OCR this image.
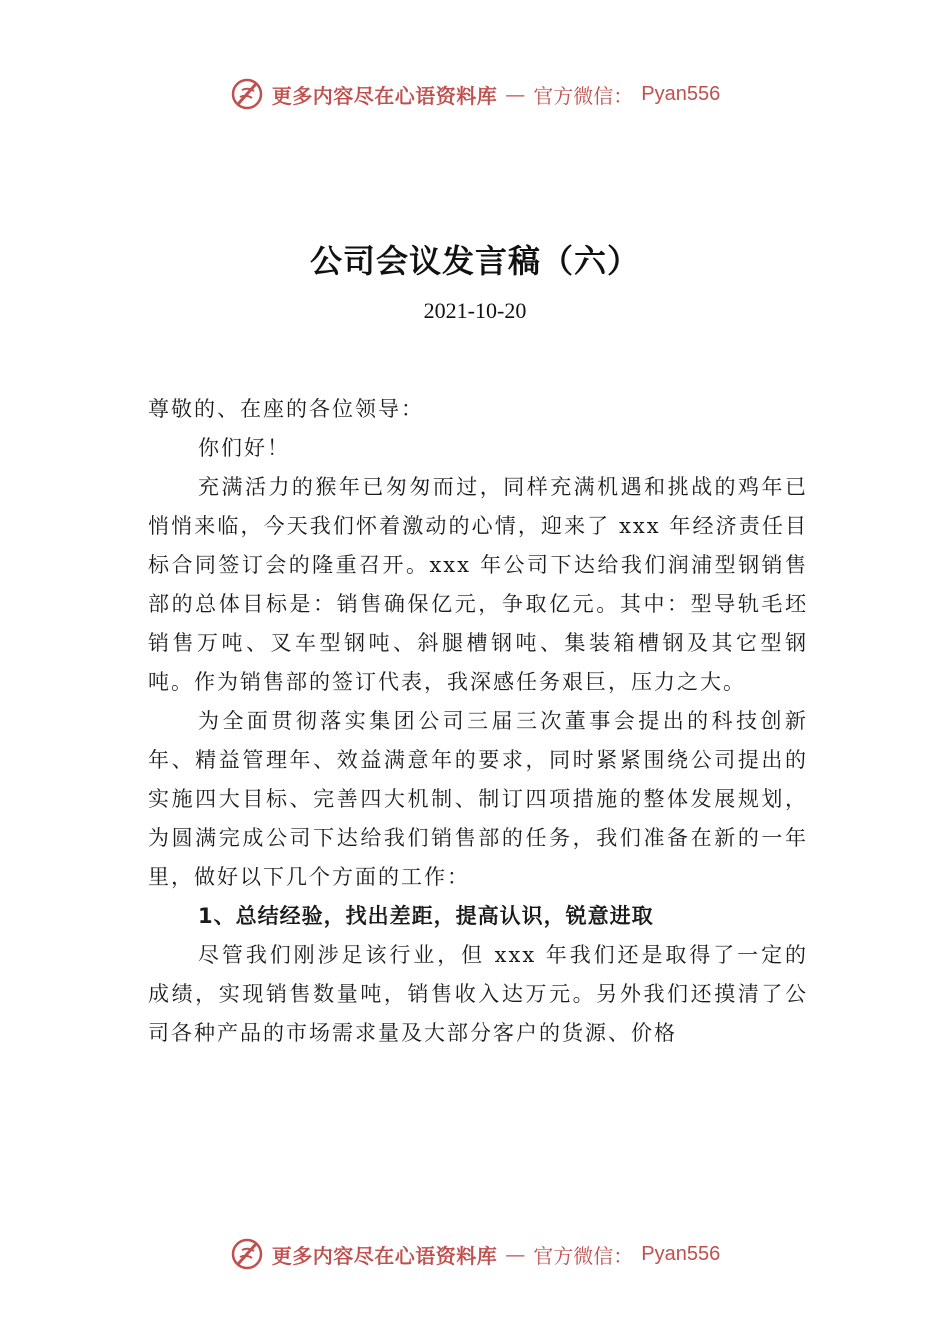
更多内容尽在心语资料库 — 官方微信： Pyan556
公司会议发言稿（六）
2021-10-20

尊敬的、在座的各位领导：

你们好！

充满活力的猴年已匆匆而过，同样充满机遇和挑战的鸡年已悄悄来临，今天我们怀着激动的心情，迎来了 xxx 年经济责任目标合同签订会的隆重召开。xxx 年公司下达给我们润浦型钢销售部的总体目标是：销售确保亿元，争取亿元。其中：型导轨毛坯销售万吨、叉车型钢吨、斜腿槽钢吨、集装箱槽钢及其它型钢吨。作为销售部的签订代表，我深感任务艰巨，压力之大。

为全面贯彻落实集团公司三届三次董事会提出的科技创新年、精益管理年、效益满意年的要求，同时紧紧围绕公司提出的实施四大目标、完善四大机制、制订四项措施的整体发展规划，为圆满完成公司下达给我们销售部的任务，我们准备在新的一年里，做好以下几个方面的工作：

1、总结经验，找出差距，提高认识，锐意进取

尽管我们刚涉足该行业，但 xxx 年我们还是取得了一定的成绩，实现销售数量吨，销售收入达万元。另外我们还摸清了公司各种产品的市场需求量及大部分客户的货源、价格

更多内容尽在心语资料库 — 官方微信： Pyan556
